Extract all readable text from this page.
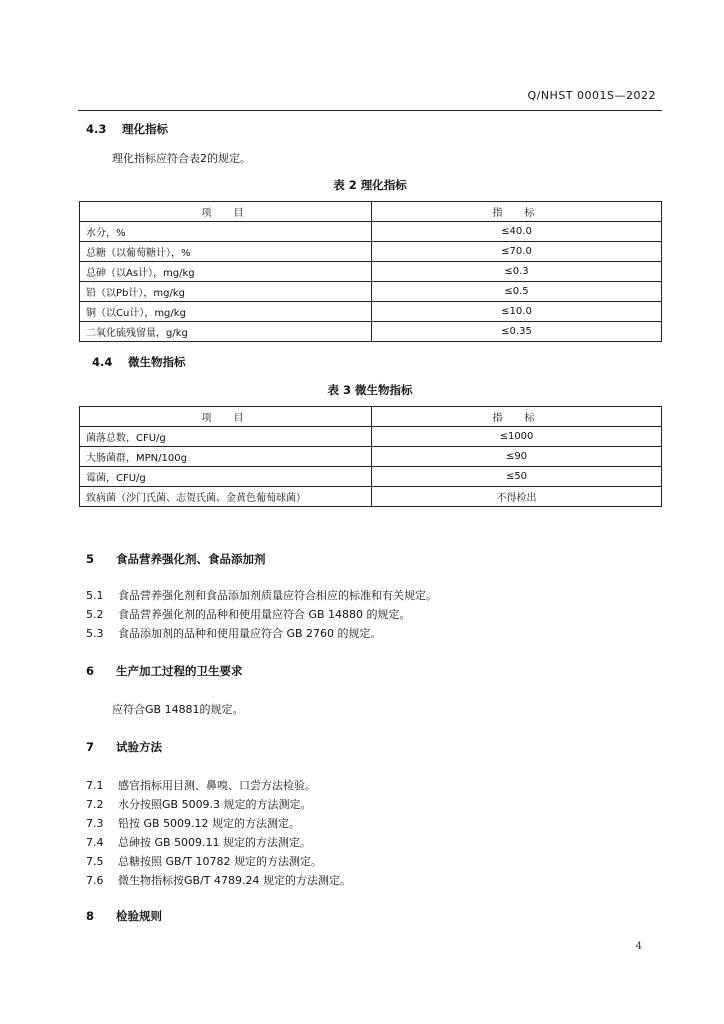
Q/NHST 0001S—2022
4.3 理化指标
理化指标应符合表2的规定。
表 2 理化指标
项　目	指　标
水分，%	≤40.0
总糖（以葡萄糖计），%	≤70.0
总砷（以As计），mg/kg	≤0.3
铅（以Pb计），mg/kg	≤0.5
铜（以Cu计），mg/kg	≤10.0
二氧化硫残留量，g/kg	≤0.35
4.4 微生物指标
表 3 微生物指标
项　目	指　标
菌落总数，CFU/g	≤1000
大肠菌群，MPN/100g	≤90
霉菌，CFU/g	≤50
致病菌（沙门氏菌、志贺氏菌、金黄色葡萄球菌）	不得检出
5 食品营养强化剂、食品添加剂
5.1 食品营养强化剂和食品添加剂质量应符合相应的标准和有关规定。
5.2 食品营养强化剂的品种和使用量应符合 GB 14880 的规定。
5.3 食品添加剂的品种和使用量应符合 GB 2760 的规定。
6 生产加工过程的卫生要求
应符合GB 14881的规定。
7 试验方法
7.1 感官指标用目测、鼻嗅、口尝方法检验。
7.2 水分按照GB 5009.3 规定的方法测定。
7.3 铅按 GB 5009.12 规定的方法测定。
7.4 总砷按 GB 5009.11 规定的方法测定。
7.5 总糖按照 GB/T 10782 规定的方法测定。
7.6 微生物指标按GB/T 4789.24 规定的方法测定。
8 检验规则
4
